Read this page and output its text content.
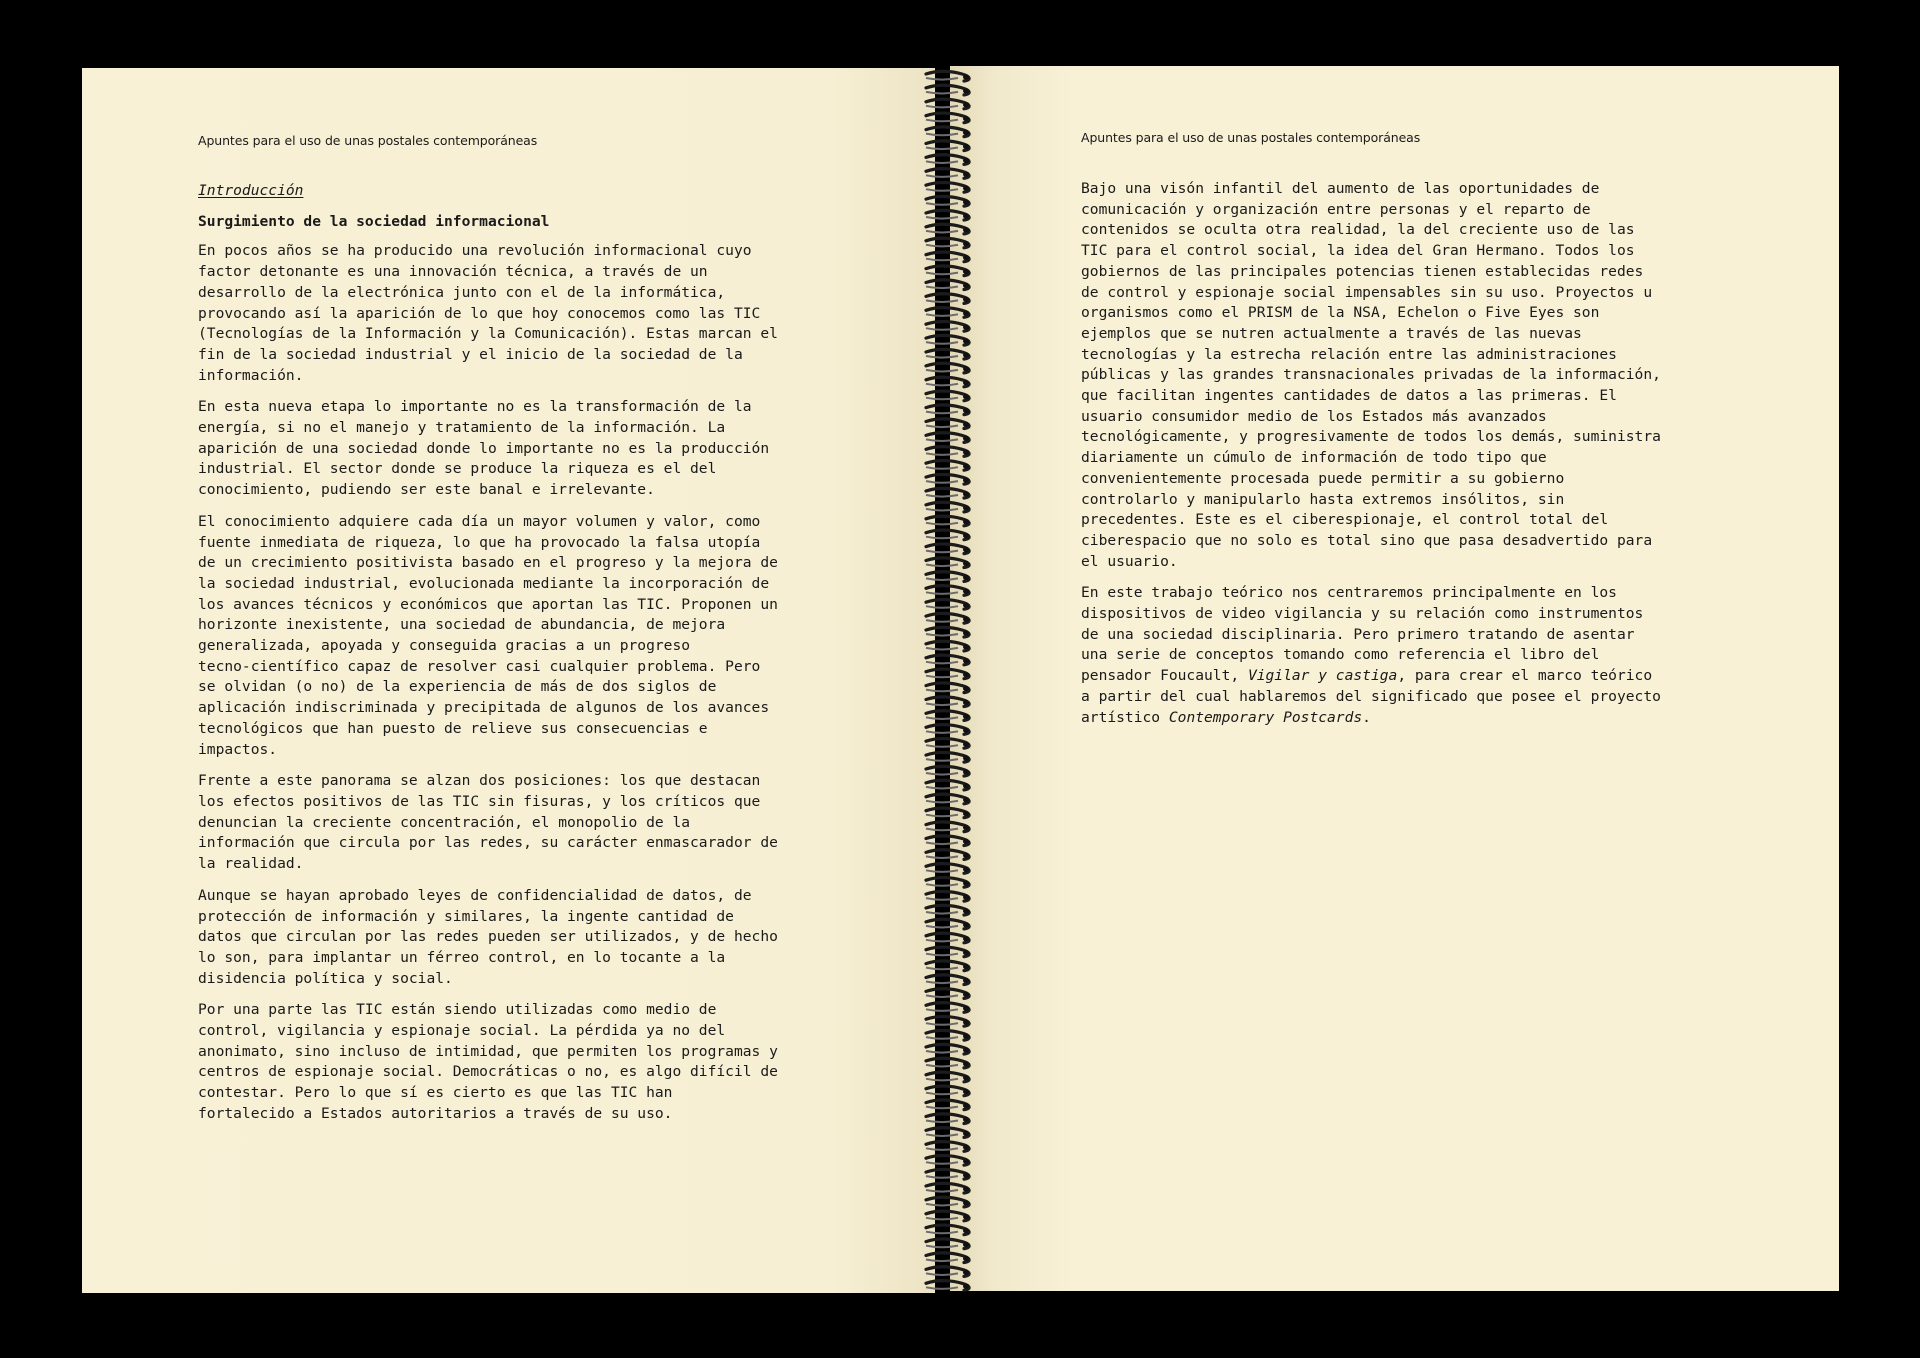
Apuntes para el uso de unas postales contemporáneas
Introducción
Surgimiento de la sociedad informacional

En pocos años se ha producido una revolución informacional cuyo
factor detonante es una innovación técnica, a través de un
desarrollo de la electrónica junto con el de la informática,
provocando así la aparición de lo que hoy conocemos como las TIC
(Tecnologías de la Información y la Comunicación). Estas marcan el
fin de la sociedad industrial y el inicio de la sociedad de la
información.

En esta nueva etapa lo importante no es la transformación de la
energía, si no el manejo y tratamiento de la información. La
aparición de una sociedad donde lo importante no es la producción
industrial. El sector donde se produce la riqueza es el del
conocimiento, pudiendo ser este banal e irrelevante.

El conocimiento adquiere cada día un mayor volumen y valor, como
fuente inmediata de riqueza, lo que ha provocado la falsa utopía
de un crecimiento positivista basado en el progreso y la mejora de
la sociedad industrial, evolucionada mediante la incorporación de
los avances técnicos y económicos que aportan las TIC. Proponen un
horizonte inexistente, una sociedad de abundancia, de mejora
generalizada, apoyada y conseguida gracias a un progreso
tecno-científico capaz de resolver casi cualquier problema. Pero
se olvidan (o no) de la experiencia de más de dos siglos de
aplicación indiscriminada y precipitada de algunos de los avances
tecnológicos que han puesto de relieve sus consecuencias e
impactos.

Frente a este panorama se alzan dos posiciones: los que destacan
los efectos positivos de las TIC sin fisuras, y los críticos que
denuncian la creciente concentración, el monopolio de la
información que circula por las redes, su carácter enmascarador de
la realidad.

Aunque se hayan aprobado leyes de confidencialidad de datos, de
protección de información y similares, la ingente cantidad de
datos que circulan por las redes pueden ser utilizados, y de hecho
lo son, para implantar un férreo control, en lo tocante a la
disidencia política y social.

Por una parte las TIC están siendo utilizadas como medio de
control, vigilancia y espionaje social. La pérdida ya no del
anonimato, sino incluso de intimidad, que permiten los programas y
centros de espionaje social. Democráticas o no, es algo difícil de
contestar. Pero lo que sí es cierto es que las TIC han
fortalecido a Estados autoritarios a través de su uso.

Apuntes para el uso de unas postales contemporáneas

Bajo una visón infantil del aumento de las oportunidades de
comunicación y organización entre personas y el reparto de
contenidos se oculta otra realidad, la del creciente uso de las
TIC para el control social, la idea del Gran Hermano. Todos los
gobiernos de las principales potencias tienen establecidas redes
de control y espionaje social impensables sin su uso. Proyectos u
organismos como el PRISM de la NSA, Echelon o Five Eyes son
ejemplos que se nutren actualmente a través de las nuevas
tecnologías y la estrecha relación entre las administraciones
públicas y las grandes transnacionales privadas de la información,
que facilitan ingentes cantidades de datos a las primeras. El
usuario consumidor medio de los Estados más avanzados
tecnológicamente, y progresivamente de todos los demás, suministra
diariamente un cúmulo de información de todo tipo que
convenientemente procesada puede permitir a su gobierno
controlarlo y manipularlo hasta extremos insólitos, sin
precedentes. Este es el ciberespionaje, el control total del
ciberespacio que no solo es total sino que pasa desadvertido para
el usuario.

En este trabajo teórico nos centraremos principalmente en los
dispositivos de video vigilancia y su relación como instrumentos
de una sociedad disciplinaria. Pero primero tratando de asentar
una serie de conceptos tomando como referencia el libro del
pensador Foucault, Vigilar y castiga, para crear el marco teórico
a partir del cual hablaremos del significado que posee el proyecto
artístico Contemporary Postcards.
